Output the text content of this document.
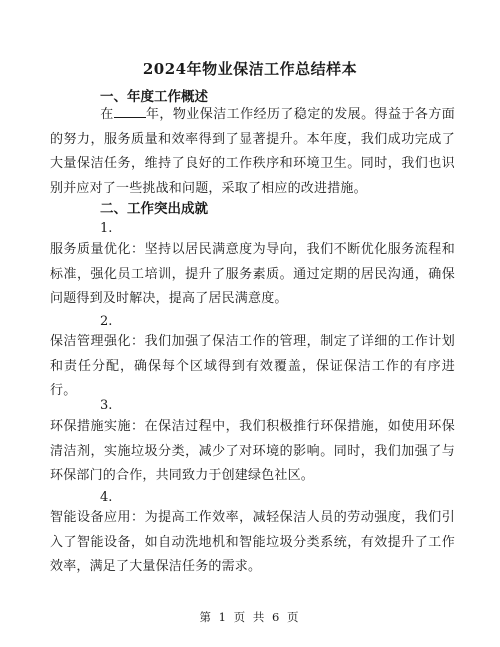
2024年物业保洁工作总结样本
一、年度工作概述
在 年，物业保洁工作经历了稳定的发展。得益于各方面的努力，服务质量和效率得到了显著提升。本年度，我们成功完成了大量保洁任务，维持了良好的工作秩序和环境卫生。同时，我们也识别并应对了一些挑战和问题，采取了相应的改进措施。
二、工作突出成就
1.
服务质量优化：坚持以居民满意度为导向，我们不断优化服务流程和标准，强化员工培训，提升了服务素质。通过定期的居民沟通，确保问题得到及时解决，提高了居民满意度。
2.
保洁管理强化：我们加强了保洁工作的管理，制定了详细的工作计划和责任分配，确保每个区域得到有效覆盖，保证保洁工作的有序进行。
3.
环保措施实施：在保洁过程中，我们积极推行环保措施，如使用环保清洁剂，实施垃圾分类，减少了对环境的影响。同时，我们加强了与环保部门的合作，共同致力于创建绿色社区。
4.
智能设备应用：为提高工作效率，减轻保洁人员的劳动强度，我们引入了智能设备，如自动洗地机和智能垃圾分类系统，有效提升了工作效率，满足了大量保洁任务的需求。
第 1 页 共 6 页
